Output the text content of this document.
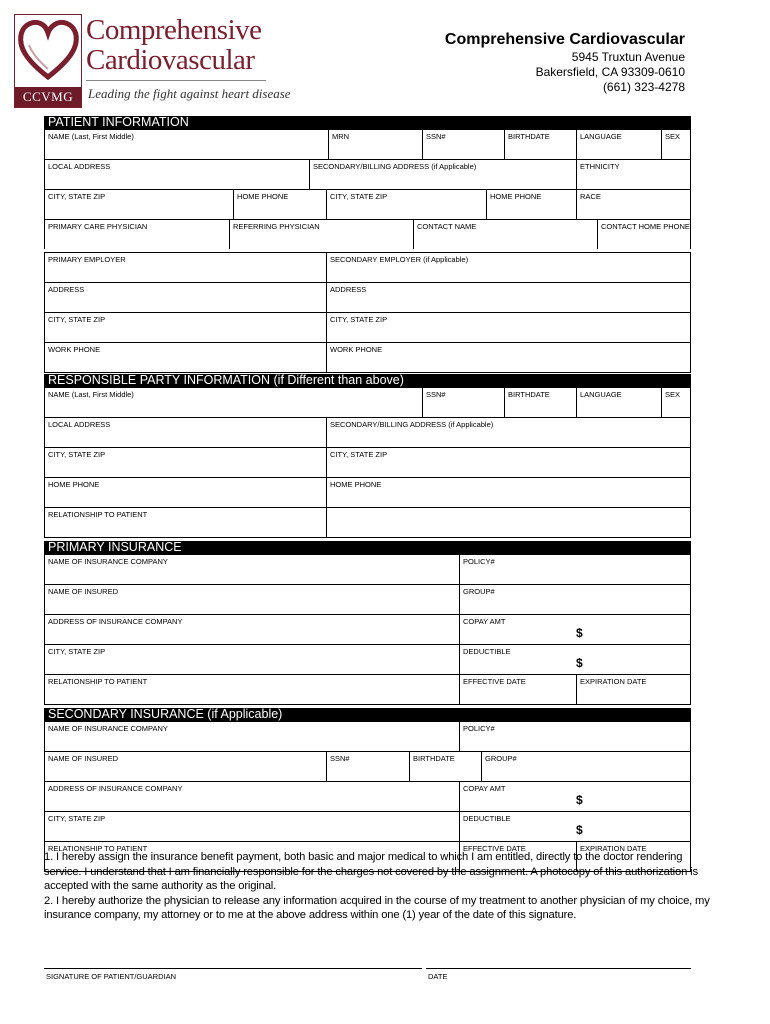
CCVMG
Comprehensive
Cardiovascular
Leading the fight against heart disease
Comprehensive Cardiovascular
5945 Truxtun Avenue
Bakersfield, CA 93309-0610
(661) 323-4278
PATIENT INFORMATION
NAME (Last, First Middle)	MRN	SSN#	BIRTHDATE	LANGUAGE	SEX
LOCAL ADDRESS	SECONDARY/BILLING ADDRESS (if Applicable)	ETHNICITY
CITY, STATE ZIP	HOME PHONE	CITY, STATE ZIP	HOME PHONE	RACE
PRIMARY CARE PHYSICIAN	REFERRING PHYSICIAN	CONTACT NAME	CONTACT HOME PHONE
PRIMARY EMPLOYER	SECONDARY EMPLOYER (if Applicable)
ADDRESS	ADDRESS
CITY, STATE ZIP	CITY, STATE ZIP
WORK PHONE	WORK PHONE
RESPONSIBLE PARTY INFORMATION (if Different than above)
NAME (Last, First Middle)	SSN#	BIRTHDATE	LANGUAGE	SEX
LOCAL ADDRESS	SECONDARY/BILLING ADDRESS (if Applicable)
CITY, STATE ZIP	CITY, STATE ZIP
HOME PHONE	HOME PHONE
RELATIONSHIP TO PATIENT
PRIMARY INSURANCE
NAME OF INSURANCE COMPANY	POLICY#
NAME OF INSURED	GROUP#
ADDRESS OF INSURANCE COMPANY	COPAY AMT
$
CITY, STATE ZIP	DEDUCTIBLE
$
RELATIONSHIP TO PATIENT	EFFECTIVE DATE	EXPIRATION DATE
SECONDARY INSURANCE (if Applicable)
NAME OF INSURANCE COMPANY	POLICY#
NAME OF INSURED	SSN#	BIRTHDATE	GROUP#
ADDRESS OF INSURANCE COMPANY	COPAY AMT
$
CITY, STATE ZIP	DEDUCTIBLE
$
RELATIONSHIP TO PATIENT	EFFECTIVE DATE	EXPIRATION DATE

1. I hereby assign the insurance benefit payment, both basic and major medical to which I am entitled, directly to the doctor rendering service. I understand that I am financially responsible for the charges not covered by the assignment. A photocopy of this authorization is accepted with the same authority as the original.

2. I hereby authorize the physician to release any information acquired in the course of my treatment to another physician of my choice, my insurance company, my attorney or to me at the above address within one (1) year of the date of this signature.

SIGNATURE OF PATIENT/GUARDIAN	DATE
